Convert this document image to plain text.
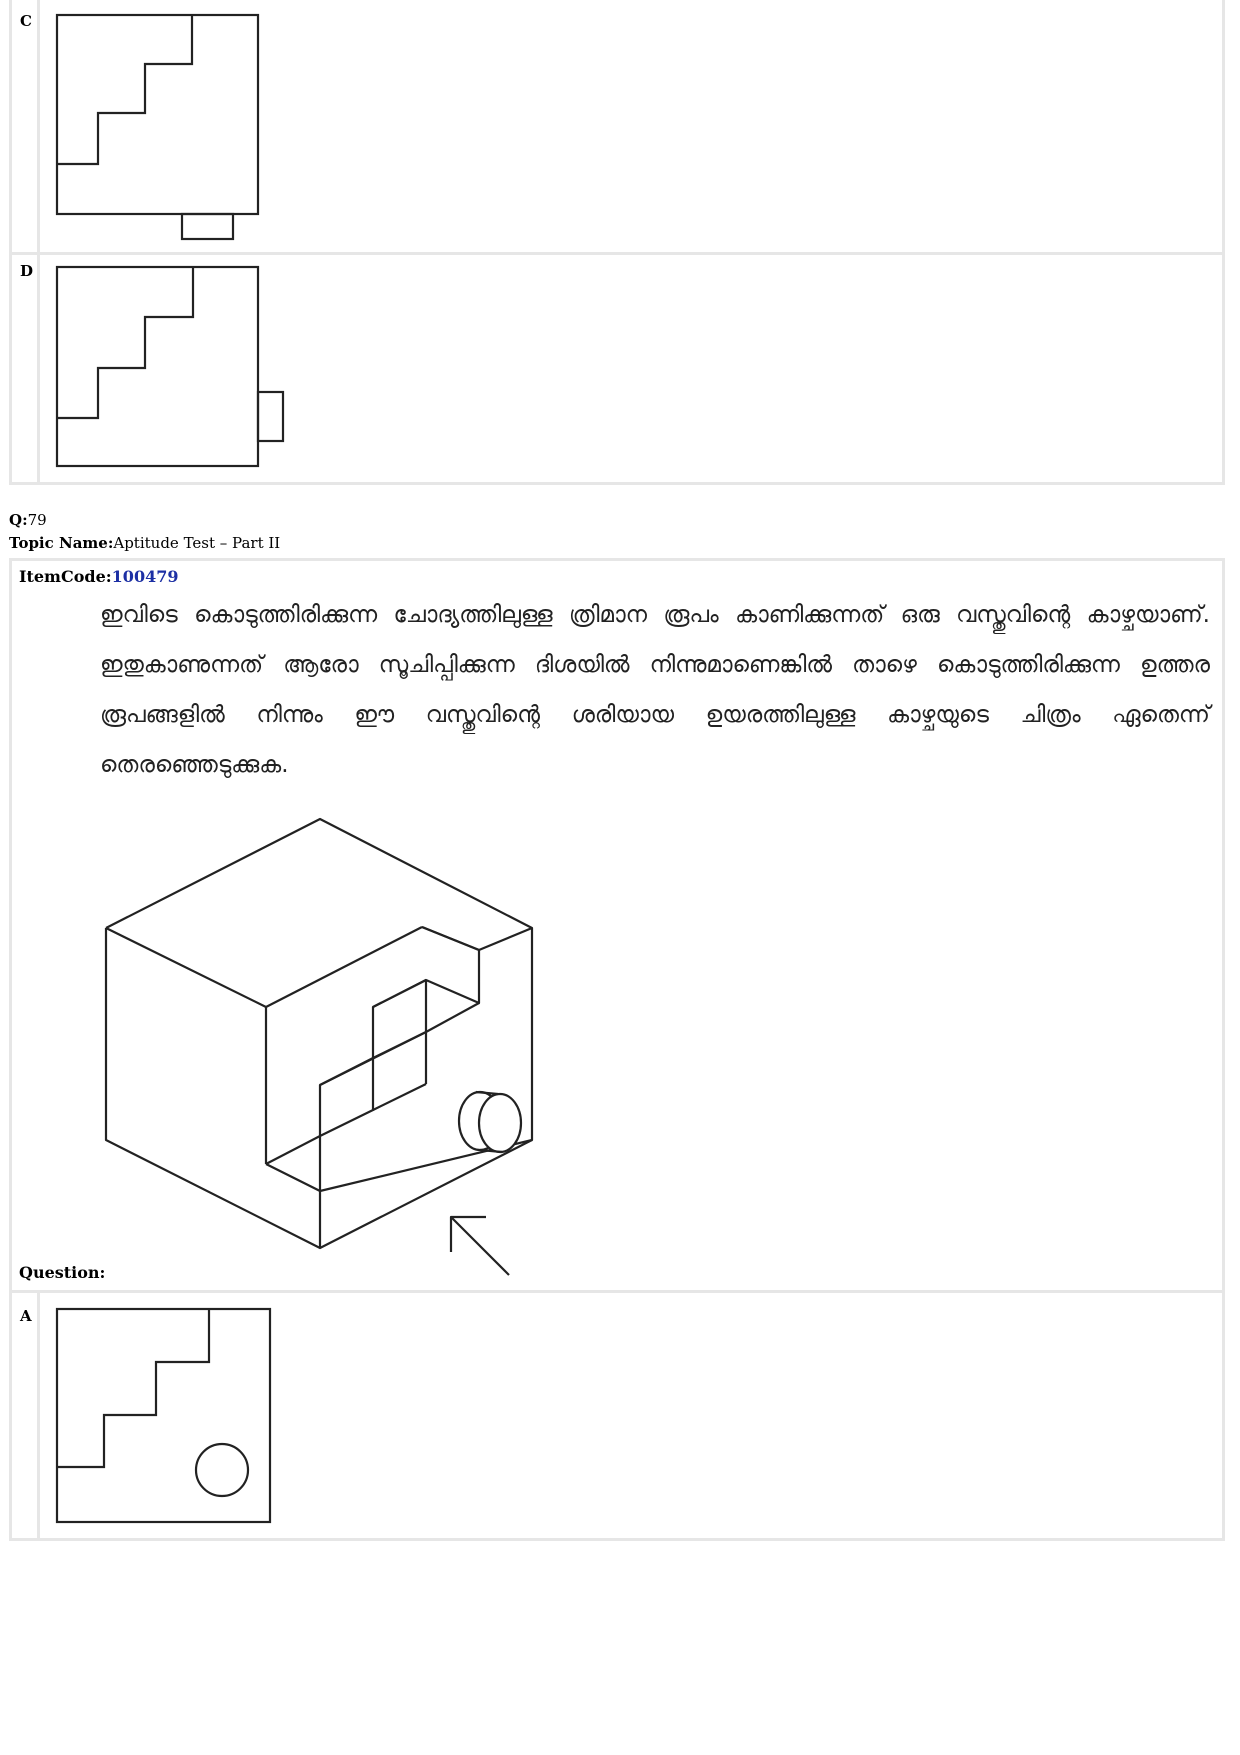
C
D
Q:79
Topic Name:Aptitude Test – Part II
ItemCode:100479
ഇവിടെ കൊടുത്തിരിക്കുന്ന ചോദ്യത്തിലുള്ള ത്രിമാന രൂപം കാണിക്കുന്നത് ഒരു വസ്തുവിന്റെ കാഴ്ചയാണ്. ഇതുകാണുന്നത് ആരോ സൂചിപ്പിക്കുന്ന ദിശയിൽ നിന്നുമാണെങ്കിൽ താഴെ കൊടുത്തിരിക്കുന്ന ഉത്തര രൂപങ്ങളിൽ നിന്നും ഈ വസ്തുവിന്റെ ശരിയായ ഉയരത്തിലുള്ള കാഴ്ചയുടെ ചിത്രം ഏതെന്ന് തെരഞ്ഞെടുക്കുക.
Question:
A
